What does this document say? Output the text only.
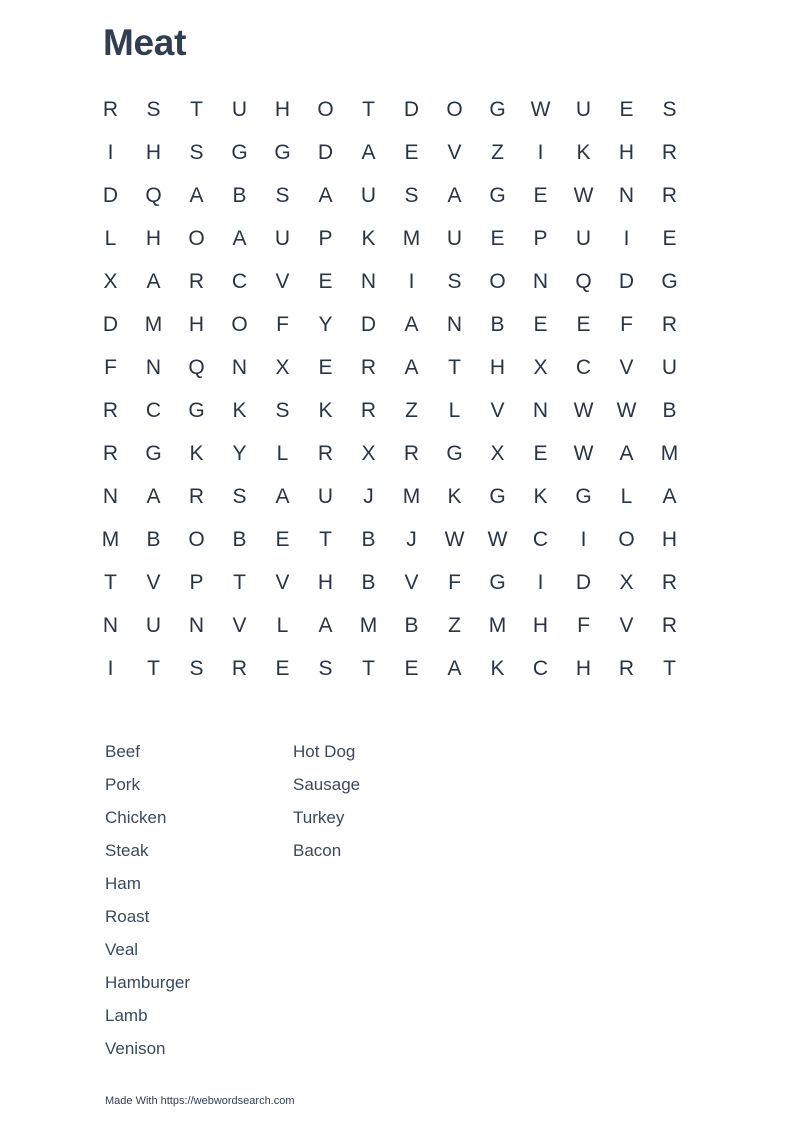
Meat
R	S	T	U	H	O	T	D	O	G	W	U	E	S
I	H	S	G	G	D	A	E	V	Z	I	K	H	R
D	Q	A	B	S	A	U	S	A	G	E	W	N	R
L	H	O	A	U	P	K	M	U	E	P	U	I	E
X	A	R	C	V	E	N	I	S	O	N	Q	D	G
D	M	H	O	F	Y	D	A	N	B	E	E	F	R
F	N	Q	N	X	E	R	A	T	H	X	C	V	U
R	C	G	K	S	K	R	Z	L	V	N	W	W	B
R	G	K	Y	L	R	X	R	G	X	E	W	A	M
N	A	R	S	A	U	J	M	K	G	K	G	L	A
M	B	O	B	E	T	B	J	W	W	C	I	O	H
T	V	P	T	V	H	B	V	F	G	I	D	X	R
N	U	N	V	L	A	M	B	Z	M	H	F	V	R
I	T	S	R	E	S	T	E	A	K	C	H	R	T
Beef
Pork
Chicken
Steak
Ham
Roast
Veal
Hamburger
Lamb
Venison
Hot Dog
Sausage
Turkey
Bacon
Made With https://webwordsearch.com
